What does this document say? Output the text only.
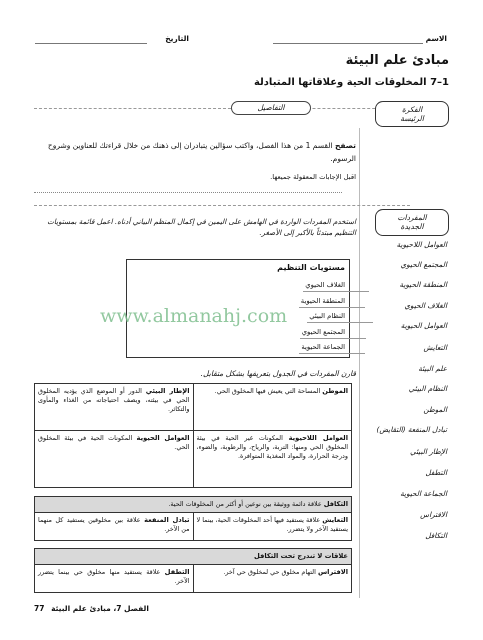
الاسم
التاريخ
مبادئ علم البيئة
1–7 المخلوقات الحية وعلاقاتها المتبادلة
التفاصيل	الفكرة
الرئيسة
تصفح القسم 1 من هذا الفصل، واكتب سؤالين يتبادران إلى ذهنك من خلال قراءتك للعناوين وشروح الرسوم.
اقبل الإجابات المعقولة جميعها.
المفردات
الجديدة
استخدم المفردات الواردة في الهامش على اليمين في إكمال المنظم البياني أدناه. اعمل قائمة بمستويات التنظيم مبتدئاً بالأكبر إلى الأصغر.
العوامل اللاحيوية
المجتمع الحيوي
المنطقة الحيوية
الغلاف الحيوي
العوامل الحيوية
التعايش
علم البيئة
النظام البيئي
الموطن
تبادل المنفعة (التقايض)
الإطار البيئي
التطفل
الجماعة الحيوية
الافتراس
التكافل
مستويات التنظيم
الغلاف الحيوي
المنطقة الحيوية
النظام البيئي
المجتمع الحيوي
الجماعة الحيوية
www.almanahj.com
قارن المفردات في الجدول بتعريفها بشكل متقابل.
الموطن المساحة التي يعيش فيها المخلوق الحي.	الإطار البيئي الدور أو الموضع الذي يؤديه المخلوق الحي في بيئته، ويصف احتياجاته من الغذاء والمأوى والتكاثر.
العوامل اللاحيوية المكونات غير الحية في بيئة المخلوق الحي ومنها: التربة، والرياح، والرطوبة، والضوء، ودرجة الحرارة، والمواد المغذية المتوافرة.	العوامل الحيوية المكونات الحية في بيئة المخلوق الحي.
التكافل علاقة دائمة ووثيقة بين نوعين أو أكثر من المخلوقات الحية.
التعايش علاقة يستفيد فيها أحد المخلوقات الحية، بينما لا يستفيد الآخر ولا يتضرر.	تبادل المنفعة علاقة بين مخلوقين يستفيد كل منهما من الآخر.
علاقات لا تندرج تحت التكافل
الافتراس التهام مخلوق حي لمخلوق حي آخر.	التطفل علاقة يستفيد منها مخلوق حي بينما يتضرر الآخر.
الفصل 7، مبادئ علم البيئة 77
